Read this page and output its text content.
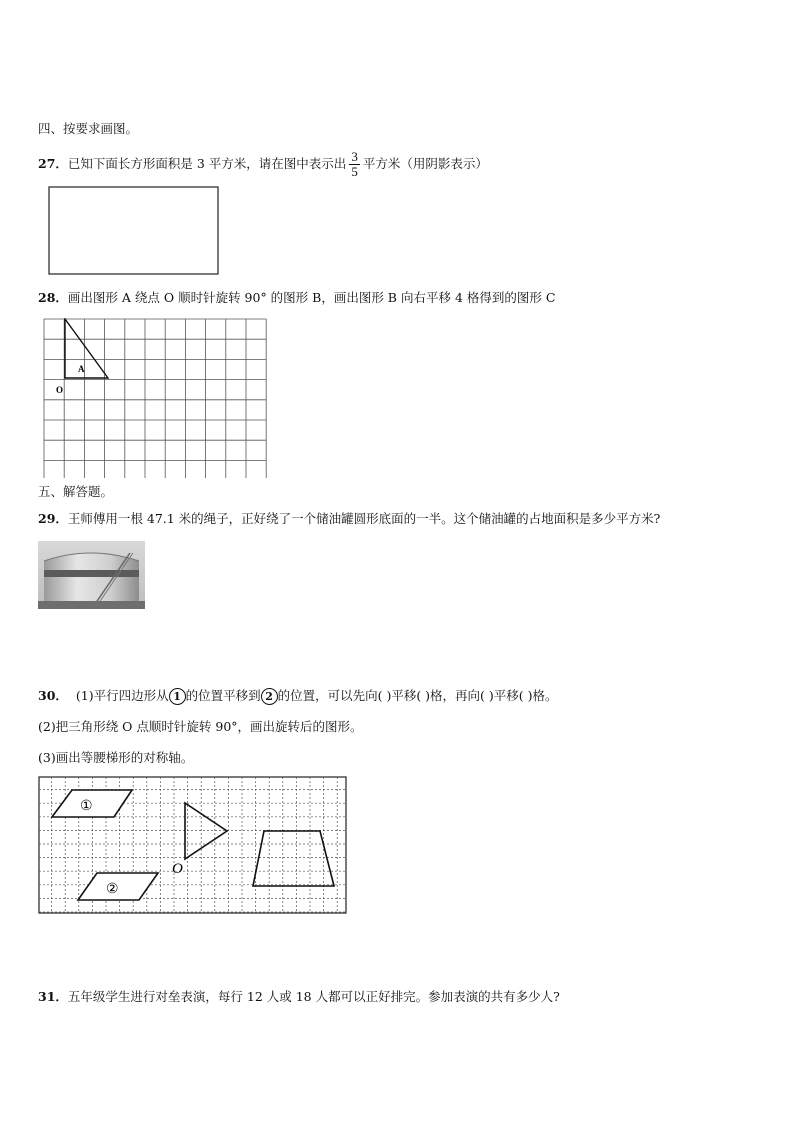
四、按要求画图。
27．已知下面长方形面积是 3 平方米，请在图中表示出 $\frac{3}{5}$ 平方米（用阴影表示）
28．画出图形 A 绕点 O 顺时针旋转 90° 的图形 B，画出图形 B 向右平移 4 格得到的图形 C
A
O
五、解答题。
29．王师傅用一根 47.1 米的绳子，正好绕了一个储油罐圆形底面的一半。这个储油罐的占地面积是多少平方米?
30． (1)平行四边形从 1 的位置平移到 2 的位置，可以先向( )平移( )格，再向( )平移( )格。
(2)把三角形绕 O 点顺时针旋转 90°，画出旋转后的图形。
(3)画出等腰梯形的对称轴。
①
②
O
31．五年级学生进行对垒表演，每行 12 人或 18 人都可以正好排完。参加表演的共有多少人?
